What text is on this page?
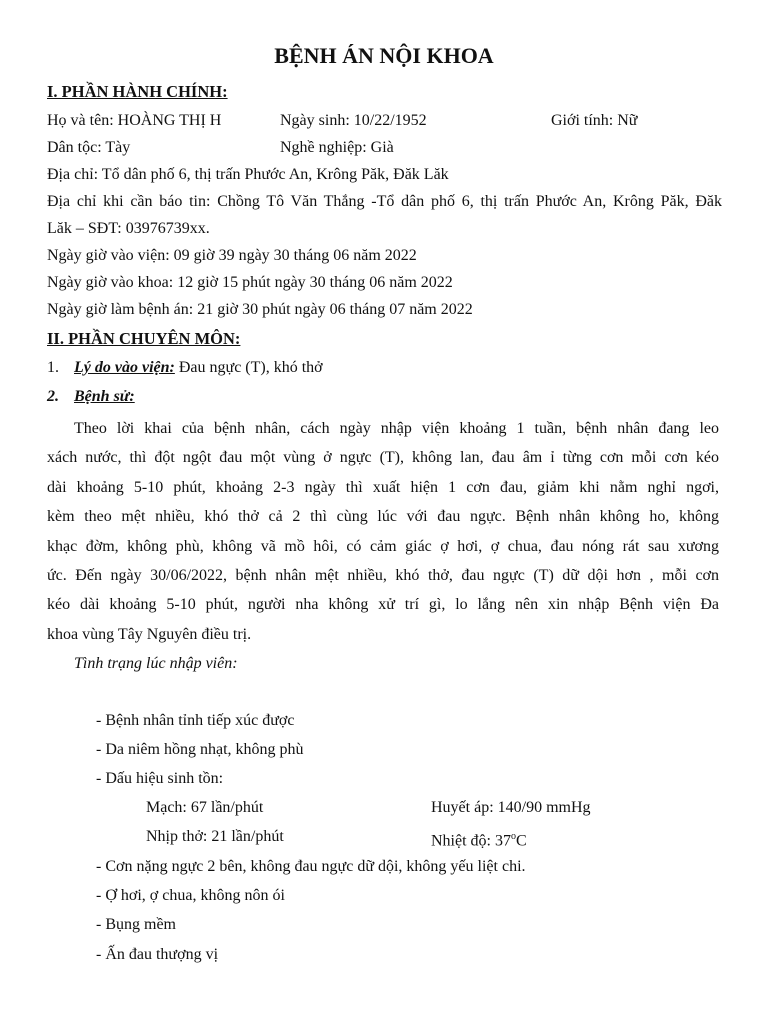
BỆNH ÁN NỘI KHOA
I. PHẦN HÀNH CHÍNH:
Họ và tên: HOÀNG THỊ H	Ngày sinh: 10/22/1952	Giới tính: Nữ
Dân tộc: Tày	Nghề nghiệp: Già
Địa chỉ: Tổ dân phố 6, thị trấn Phước An, Krông Păk, Đăk Lăk
Địa chỉ khi cần báo tin: Chồng Tô Văn Thắng -Tổ dân phố 6, thị trấn Phước An, Krông Păk, Đăk
Lăk – SĐT: 03976739xx.
Ngày giờ vào viện: 09 giờ 39 ngày 30 tháng 06 năm 2022
Ngày giờ vào khoa: 12 giờ 15 phút ngày 30 tháng 06 năm 2022
Ngày giờ làm bệnh án: 21 giờ 30 phút ngày 06 tháng 07 năm 2022
II. PHẦN CHUYÊN MÔN:
1. Lý do vào viện: Đau ngực (T), khó thở
2. Bệnh sử:
Theo lời khai của bệnh nhân, cách ngày nhập viện khoảng 1 tuần, bệnh nhân đang leo
xách nước, thì đột ngột đau một vùng ở ngực (T), không lan, đau âm ỉ từng cơn mỗi cơn kéo
dài khoảng 5-10 phút, khoảng 2-3 ngày thì xuất hiện 1 cơn đau, giảm khi nằm nghỉ ngơi,
kèm theo mệt nhiều, khó thở cả 2 thì cùng lúc với đau ngực. Bệnh nhân không ho, không
khạc đờm, không phù, không vã mồ hôi, có cảm giác ợ hơi, ợ chua, đau nóng rát sau xương
ức. Đến ngày 30/06/2022, bệnh nhân mệt nhiều, khó thở, đau ngực (T) dữ dội hơn , mỗi cơn
kéo dài khoảng 5-10 phút, người nha không xử trí gì, lo lắng nên xin nhập Bệnh viện Đa
khoa vùng Tây Nguyên điều trị.
Tình trạng lúc nhập viên:
- Bệnh nhân tỉnh tiếp xúc được
- Da niêm hồng nhạt, không phù
- Dấu hiệu sinh tồn:
Mạch: 67 lần/phút	Huyết áp: 140/90 mmHg
Nhịp thở: 21 lần/phút	Nhiệt độ: 37$^o$C
- Cơn nặng ngực 2 bên, không đau ngực dữ dội, không yếu liệt chi.
- Ợ hơi, ợ chua, không nôn ói
- Bụng mềm
- Ấn đau thượng vị
